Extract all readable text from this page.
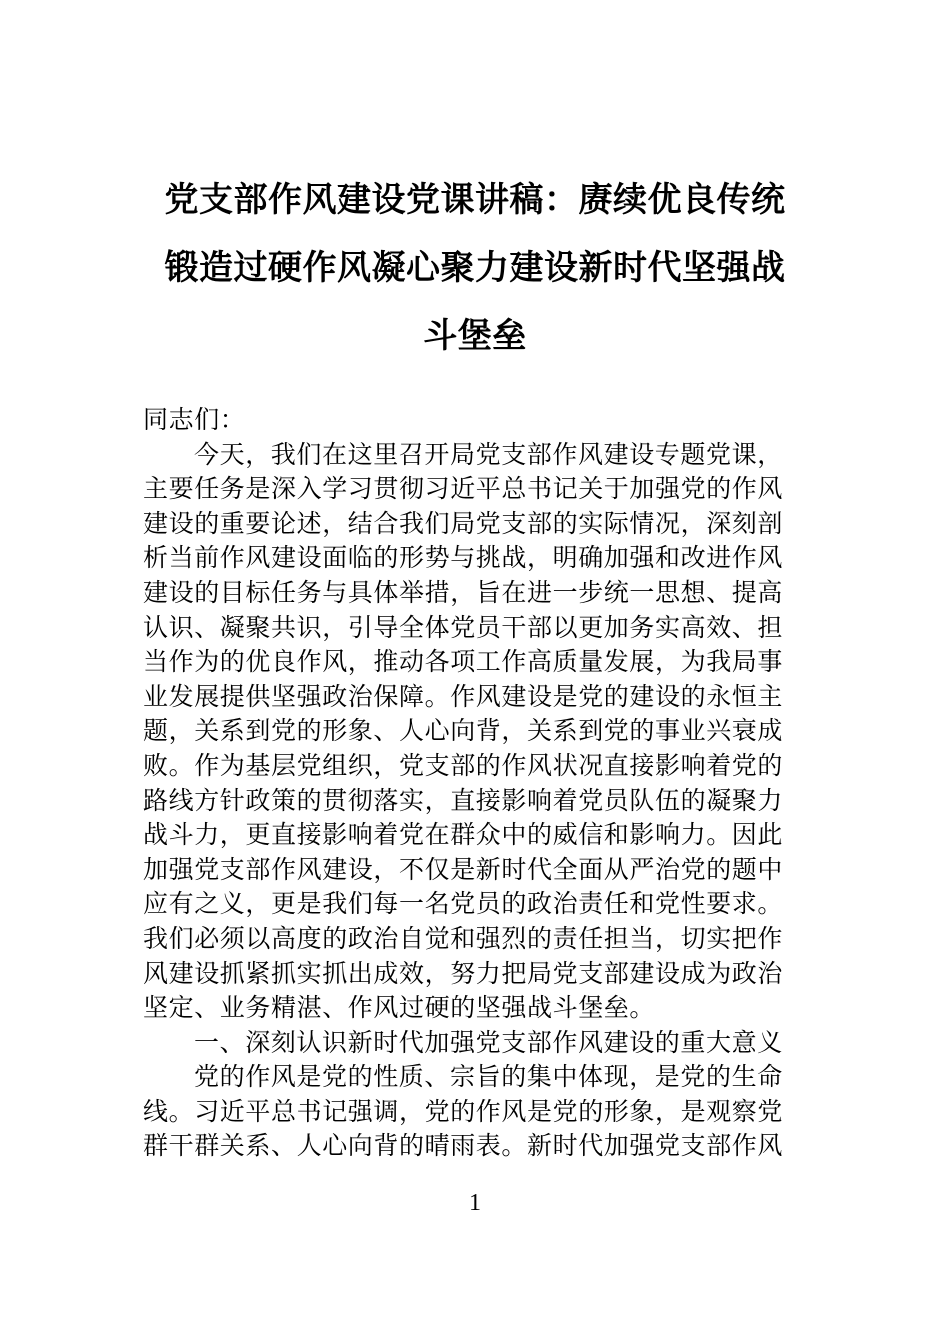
党支部作风建设党课讲稿：赓续优良传统
锻造过硬作风凝心聚力建设新时代坚强战
斗堡垒
同志们：
今天，我们在这里召开局党支部作风建设专题党课，
主要任务是深入学习贯彻习近平总书记关于加强党的作风
建设的重要论述，结合我们局党支部的实际情况，深刻剖
析当前作风建设面临的形势与挑战，明确加强和改进作风
建设的目标任务与具体举措，旨在进一步统一思想、提高
认识、凝聚共识，引导全体党员干部以更加务实高效、担
当作为的优良作风，推动各项工作高质量发展，为我局事
业发展提供坚强政治保障。作风建设是党的建设的永恒主
题，关系到党的形象、人心向背，关系到党的事业兴衰成
败。作为基层党组织，党支部的作风状况直接影响着党的
路线方针政策的贯彻落实，直接影响着党员队伍的凝聚力
战斗力，更直接影响着党在群众中的威信和影响力。因此
加强党支部作风建设，不仅是新时代全面从严治党的题中
应有之义，更是我们每一名党员的政治责任和党性要求。
我们必须以高度的政治自觉和强烈的责任担当，切实把作
风建设抓紧抓实抓出成效，努力把局党支部建设成为政治
坚定、业务精湛、作风过硬的坚强战斗堡垒。
一、深刻认识新时代加强党支部作风建设的重大意义
党的作风是党的性质、宗旨的集中体现，是党的生命
线。习近平总书记强调，党的作风是党的形象，是观察党
群干群关系、人心向背的晴雨表。新时代加强党支部作风
1
